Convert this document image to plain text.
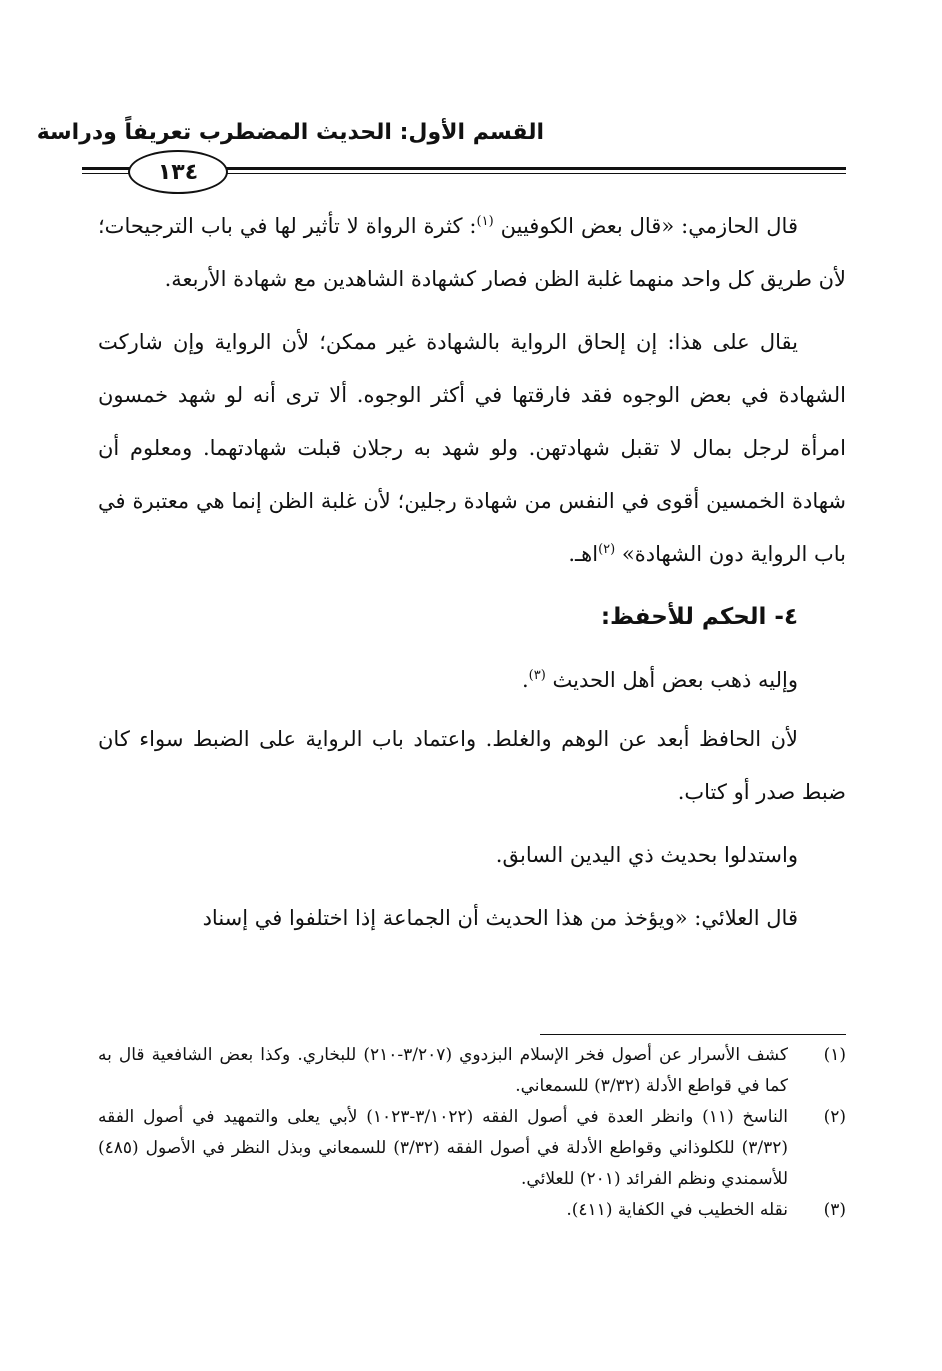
القسم الأول: الحديث المضطرب تعريفاً ودراسة
١٣٤

قال الحازمي: «قال بعض الكوفيين $^{(١)}$: كثرة الرواة لا تأثير لها في باب الترجيحات؛ لأن طريق كل واحد منهما غلبة الظن فصار كشهادة الشاهدين مع شهادة الأربعة.

يقال على هذا: إن إلحاق الرواية بالشهادة غير ممكن؛ لأن الرواية وإن شاركت الشهادة في بعض الوجوه فقد فارقتها في أكثر الوجوه. ألا ترى أنه لو شهد خمسون امرأة لرجل بمال لا تقبل شهادتهن. ولو شهد به رجلان قبلت شهادتهما. ومعلوم أن شهادة الخمسين أقوى في النفس من شهادة رجلين؛ لأن غلبة الظن إنما هي معتبرة في باب الرواية دون الشهادة» $^{(٢)}$اهـ.

٤- الحكم للأحفظ:

وإليه ذهب بعض أهل الحديث $^{(٣)}$.

لأن الحافظ أبعد عن الوهم والغلط. واعتماد باب الرواية على الضبط سواء كان ضبط صدر أو كتاب.

واستدلوا بحديث ذي اليدين السابق.

قال العلائي: «ويؤخذ من هذا الحديث أن الجماعة إذا اختلفوا في إسناد

(١)
كشف الأسرار عن أصول فخر الإسلام البزدوي (٣/٢٠٧-٢١٠) للبخاري. وكذا بعض الشافعية قال به كما في قواطع الأدلة (٣/٣٢) للسمعاني.
(٢)
الناسخ (١١) وانظر العدة في أصول الفقه (٣/١٠٢٢-١٠٢٣) لأبي يعلى والتمهيد في أصول الفقه (٣/٣٢) للكلوذاني وقواطع الأدلة في أصول الفقه (٣/٣٢) للسمعاني وبذل النظر في الأصول (٤٨٥) للأسمندي ونظم الفرائد (٢٠١) للعلائي.
(٣)
نقله الخطيب في الكفاية (٤١١).
